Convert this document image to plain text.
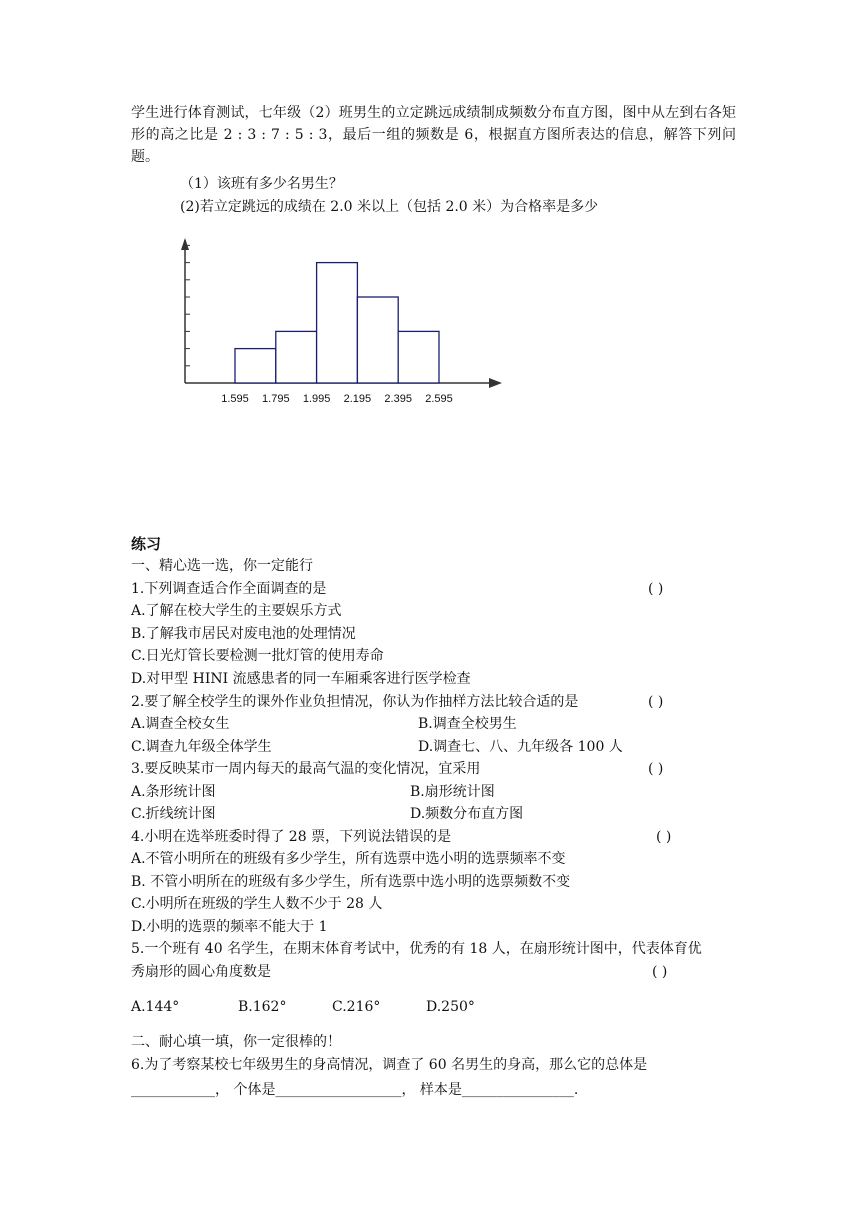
学生进行体育测试，七年级（2）班男生的立定跳远成绩制成频数分布直方图，图中从左到右各矩形的高之比是 2 : 3 : 7 : 5 : 3，最后一组的频数是 6，根据直方图所表达的信息，解答下列问题。
（1）该班有多少名男生？
(2)若立定跳远的成绩在 2.0 米以上（包括 2.0 米）为合格率是多少
1.595 1.795 1.995 2.195 2.395 2.595
练习
一、精心选一选，你一定能行
1.下列调查适合作全面调查的是	( )
A.了解在校大学生的主要娱乐方式
B.了解我市居民对废电池的处理情况
C.日光灯管长要检测一批灯管的使用寿命
D.对甲型 HINI 流感患者的同一车厢乘客进行医学检查
2.要了解全校学生的课外作业负担情况，你认为作抽样方法比较合适的是	( )
A.调查全校女生	B.调查全校男生
C.调查九年级全体学生	D.调查七、八、九年级各 100 人
3.要反映某市一周内每天的最高气温的变化情况，宜采用	( )
A.条形统计图	B.扇形统计图
C.折线统计图	D.频数分布直方图
4.小明在选举班委时得了 28 票，下列说法错误的是	( )
A.不管小明所在的班级有多少学生，所有选票中选小明的选票频率不变
B. 不管小明所在的班级有多少学生，所有选票中选小明的选票频数不变
C.小明所在班级的学生人数不少于 28 人
D.小明的选票的频率不能大于 1
5.一个班有 40 名学生，在期末体育考试中，优秀的有 18 人，在扇形统计图中，代表体育优
秀扇形的圆心角度数是	( )
A.144°	B.162°	C.216°	D.250°
二、耐心填一填，你一定很棒的！
6.为了考察某校七年级男生的身高情况，调查了 60 名男生的身高，那么它的总体是
____________， 个体是__________________， 样本是________________.
